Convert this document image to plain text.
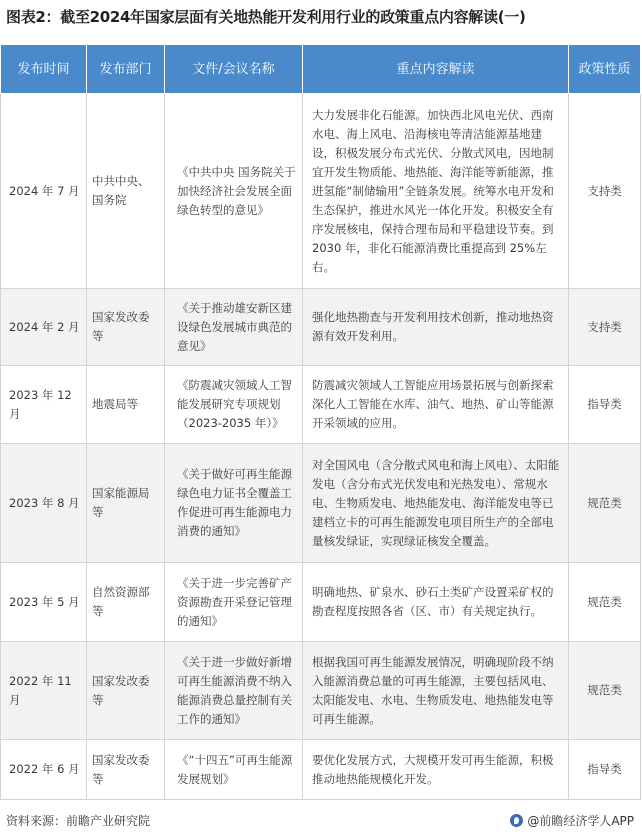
图表2：截至2024年国家层面有关地热能开发利用行业的政策重点内容解读(一)
发布时间	发布部门	文件/会议名称	重点内容解读	政策性质
2024 年 7 月	中共中央、国务院	《中共中央 国务院关于加快经济社会发展全面绿色转型的意见》	大力发展非化石能源。加快西北风电光伏、西南水电、海上风电、沿海核电等清洁能源基地建设，积极发展分布式光伏、分散式风电，因地制宜开发生物质能、地热能、海洋能等新能源，推进氢能“制储输用”全链条发展。统筹水电开发和生态保护，推进水风光一体化开发。积极安全有序发展核电，保持合理布局和平稳建设节奏。到 2030 年，非化石能源消费比重提高到 25%左右。	支持类
2024 年 2 月	国家发改委等	《关于推动雄安新区建设绿色发展城市典范的意见》	强化地热勘查与开发利用技术创新，推动地热资源有效开发利用。	支持类
2023 年 12 月	地震局等	《防震减灾领域人工智能发展研究专项规划（2023-2035 年）》	防震减灾领域人工智能应用场景拓展与创新探索深化人工智能在水库、油气、地热、矿山等能源开采领域的应用。	指导类
2023 年 8 月	国家能源局等	《关于做好可再生能源绿色电力证书全覆盖工作促进可再生能源电力消费的通知》	对全国风电（含分散式风电和海上风电）、太阳能发电（含分布式光伏发电和光热发电）、常规水电、生物质发电、地热能发电、海洋能发电等已建档立卡的可再生能源发电项目所生产的全部电量核发绿证，实现绿证核发全覆盖。	规范类
2023 年 5 月	自然资源部等	《关于进一步完善矿产资源勘查开采登记管理的通知》	明确地热、矿泉水、砂石土类矿产设置采矿权的勘查程度按照各省（区、市）有关规定执行。	规范类
2022 年 11 月	国家发改委等	《关于进一步做好新增可再生能源消费不纳入能源消费总量控制有关工作的通知》	根据我国可再生能源发展情况，明确现阶段不纳入能源消费总量的可再生能源，主要包括风电、太阳能发电、水电、生物质发电、地热能发电等可再生能源。	规范类
2022 年 6 月	国家发改委等	《“十四五”可再生能源发展规划》	要优化发展方式，大规模开发可再生能源，积极推动地热能规模化开发。	指导类
资料来源：前瞻产业研究院	@前瞻经济学人APP
